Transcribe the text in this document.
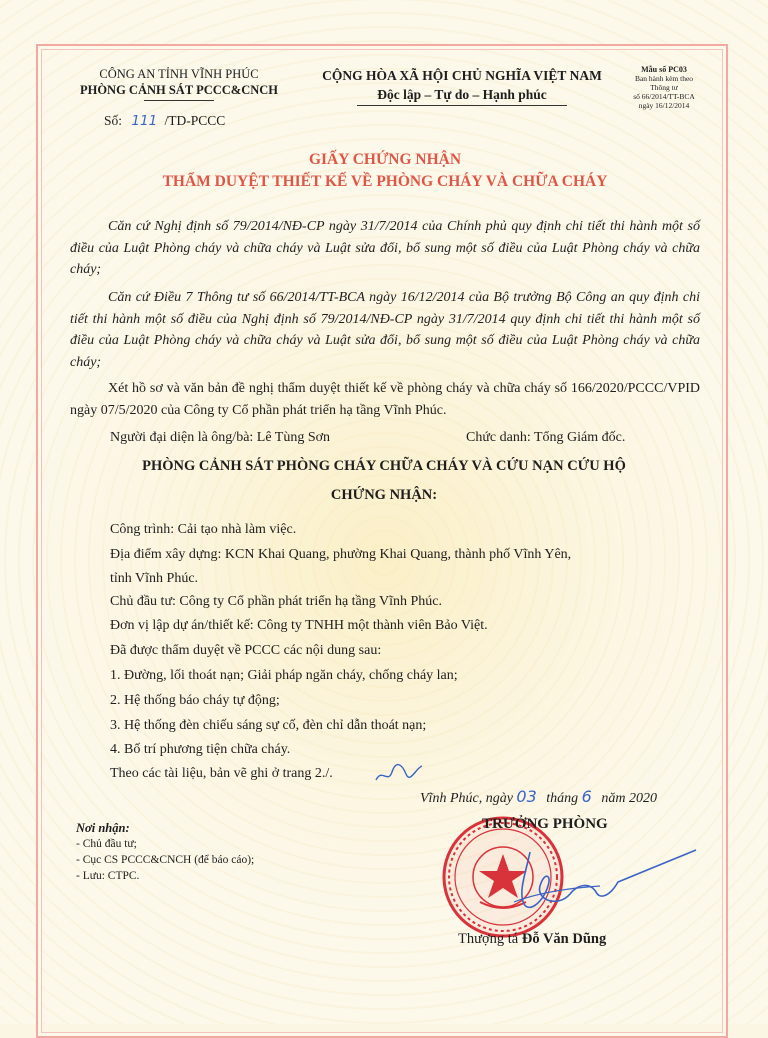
CÔNG AN TỈNH VĨNH PHÚC
PHÒNG CẢNH SÁT PCCC&CNCH
Số: 111 /TD-PCCC
CỘNG HÒA XÃ HỘI CHỦ NGHĨA VIỆT NAM
Độc lập – Tự do – Hạnh phúc
Mẫu số PC03
Ban hành kèm theo
Thông tư
số 66/2014/TT-BCA
ngày 16/12/2014
GIẤY CHỨNG NHẬN
THẨM DUYỆT THIẾT KẾ VỀ PHÒNG CHÁY VÀ CHỮA CHÁY
Căn cứ Nghị định số 79/2014/NĐ-CP ngày 31/7/2014 của Chính phủ quy định chi tiết thi hành một số điều của Luật Phòng cháy và chữa cháy và Luật sửa đổi, bổ sung một số điều của Luật Phòng cháy và chữa cháy;
Căn cứ Điều 7 Thông tư số 66/2014/TT-BCA ngày 16/12/2014 của Bộ trưởng Bộ Công an quy định chi tiết thi hành một số điều của Nghị định số 79/2014/NĐ-CP ngày 31/7/2014 quy định chi tiết thi hành một số điều của Luật Phòng cháy và chữa cháy và Luật sửa đổi, bổ sung một số điều của Luật Phòng cháy và chữa cháy;
Xét hồ sơ và văn bản đề nghị thẩm duyệt thiết kế về phòng cháy và chữa cháy số 166/2020/PCCC/VPID ngày 07/5/2020 của Công ty Cổ phần phát triển hạ tầng Vĩnh Phúc.
Người đại diện là ông/bà: Lê Tùng Sơn	Chức danh: Tổng Giám đốc.
PHÒNG CẢNH SÁT PHÒNG CHÁY CHỮA CHÁY VÀ CỨU NẠN CỨU HỘ
CHỨNG NHẬN:
Công trình: Cải tạo nhà làm việc.
Địa điểm xây dựng: KCN Khai Quang, phường Khai Quang, thành phố Vĩnh Yên,
tỉnh Vĩnh Phúc.
Chủ đầu tư: Công ty Cổ phần phát triển hạ tầng Vĩnh Phúc.
Đơn vị lập dự án/thiết kế: Công ty TNHH một thành viên Bảo Việt.
Đã được thẩm duyệt về PCCC các nội dung sau:
1. Đường, lối thoát nạn; Giải pháp ngăn cháy, chống cháy lan;
2. Hệ thống báo cháy tự động;
3. Hệ thống đèn chiếu sáng sự cố, đèn chỉ dẫn thoát nạn;
4. Bố trí phương tiện chữa cháy.
Theo các tài liệu, bản vẽ ghi ở trang 2./.
Vĩnh Phúc, ngày 03 tháng 6 năm 2020
Nơi nhận:
- Chủ đầu tư;
- Cục CS PCCC&CNCH (để báo cáo);
- Lưu: CTPC.
TRƯỞNG PHÒNG
Thượng tá Đỗ Văn Dũng
